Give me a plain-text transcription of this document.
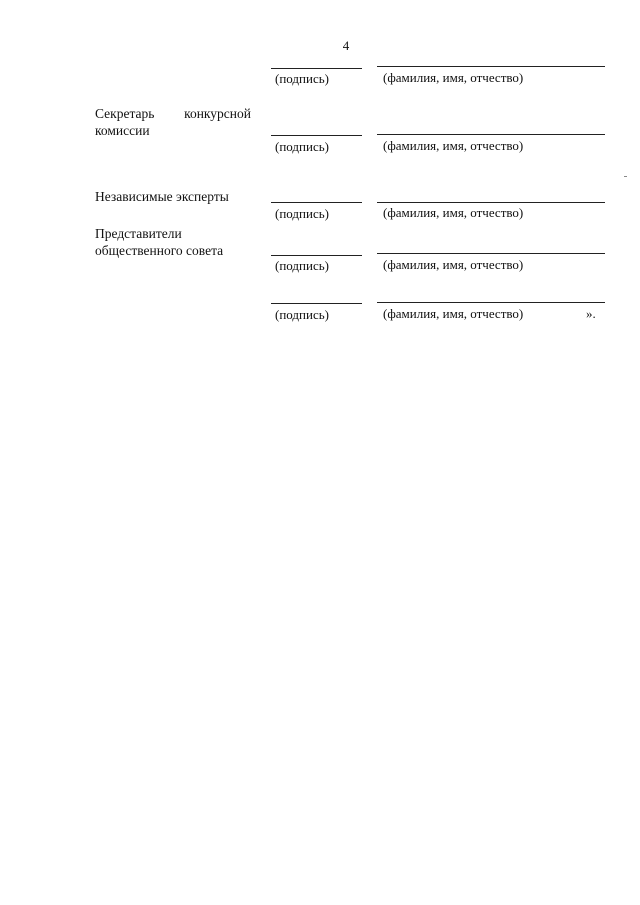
4
(подпись)	(фамилия, имя, отчество)
Секретарь конкурсной
комиссии
(подпись)	(фамилия, имя, отчество)
Независимые эксперты
(подпись)	(фамилия, имя, отчество)
Представители
общественного совета
(подпись)	(фамилия, имя, отчество)
(подпись)	(фамилия, имя, отчество)	».
